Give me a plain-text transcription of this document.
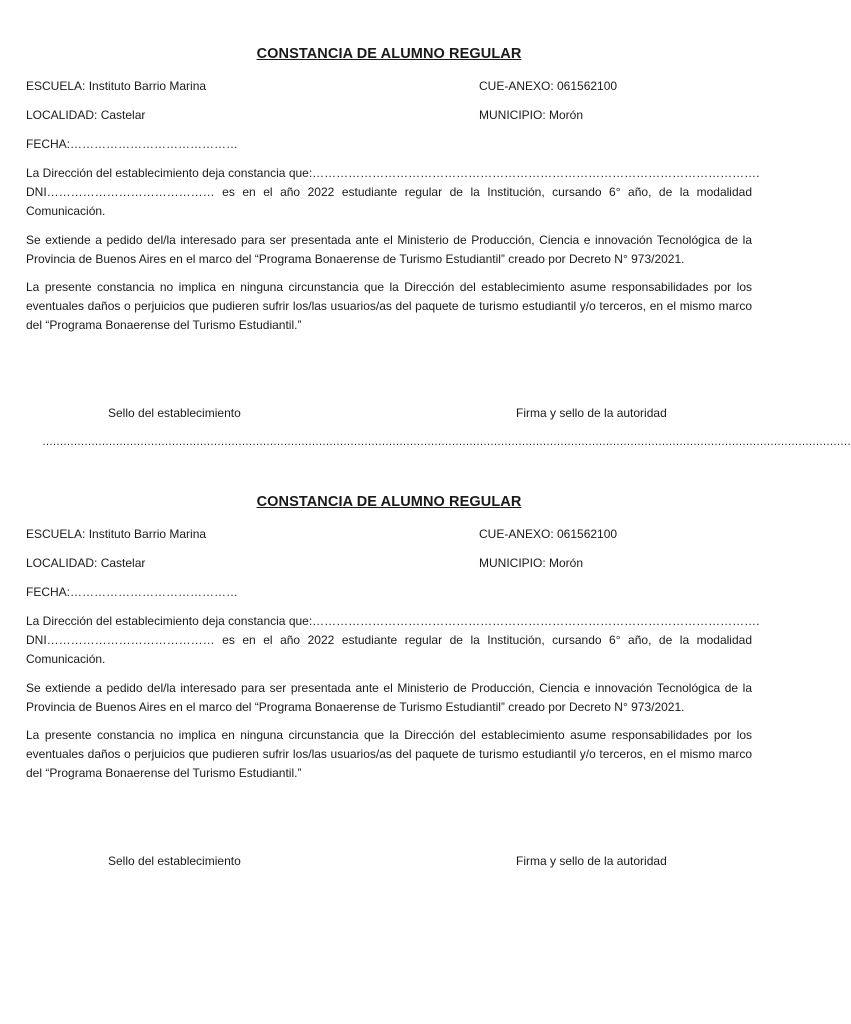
CONSTANCIA DE ALUMNO REGULAR
ESCUELA: Instituto Barrio Marina	CUE-ANEXO: 061562100
LOCALIDAD: Castelar	MUNICIPIO: Morón
FECHA:……………………………………
La Dirección del establecimiento deja constancia que:………………………………………………………………………………………………….
DNI…………………………………… es en el año 2022 estudiante regular de la Institución, cursando 6° año, de la modalidad Comunicación.
Se extiende a pedido del/la interesado para ser presentada ante el Ministerio de Producción, Ciencia e innovación Tecnológica de la Provincia de Buenos Aires en el marco del “Programa Bonaerense de Turismo Estudiantil” creado por Decreto N° 973/2021.
La presente constancia no implica en ninguna circunstancia que la Dirección del establecimiento asume responsabilidades por los eventuales daños o perjuicios que pudieren sufrir los/las usuarios/as del paquete de turismo estudiantil y/o terceros, en el mismo marco del “Programa Bonaerense del Turismo Estudiantil.”
Sello del establecimiento	Firma y sello de la autoridad
……………………………………………………………………………………………………………………………………………………………………………………………………………
CONSTANCIA DE ALUMNO REGULAR
ESCUELA: Instituto Barrio Marina	CUE-ANEXO: 061562100
LOCALIDAD: Castelar	MUNICIPIO: Morón
FECHA:……………………………………
La Dirección del establecimiento deja constancia que:………………………………………………………………………………………………….
DNI…………………………………… es en el año 2022 estudiante regular de la Institución, cursando 6° año, de la modalidad Comunicación.
Se extiende a pedido del/la interesado para ser presentada ante el Ministerio de Producción, Ciencia e innovación Tecnológica de la Provincia de Buenos Aires en el marco del “Programa Bonaerense de Turismo Estudiantil” creado por Decreto N° 973/2021.
La presente constancia no implica en ninguna circunstancia que la Dirección del establecimiento asume responsabilidades por los eventuales daños o perjuicios que pudieren sufrir los/las usuarios/as del paquete de turismo estudiantil y/o terceros, en el mismo marco del “Programa Bonaerense del Turismo Estudiantil.”
Sello del establecimiento	Firma y sello de la autoridad
